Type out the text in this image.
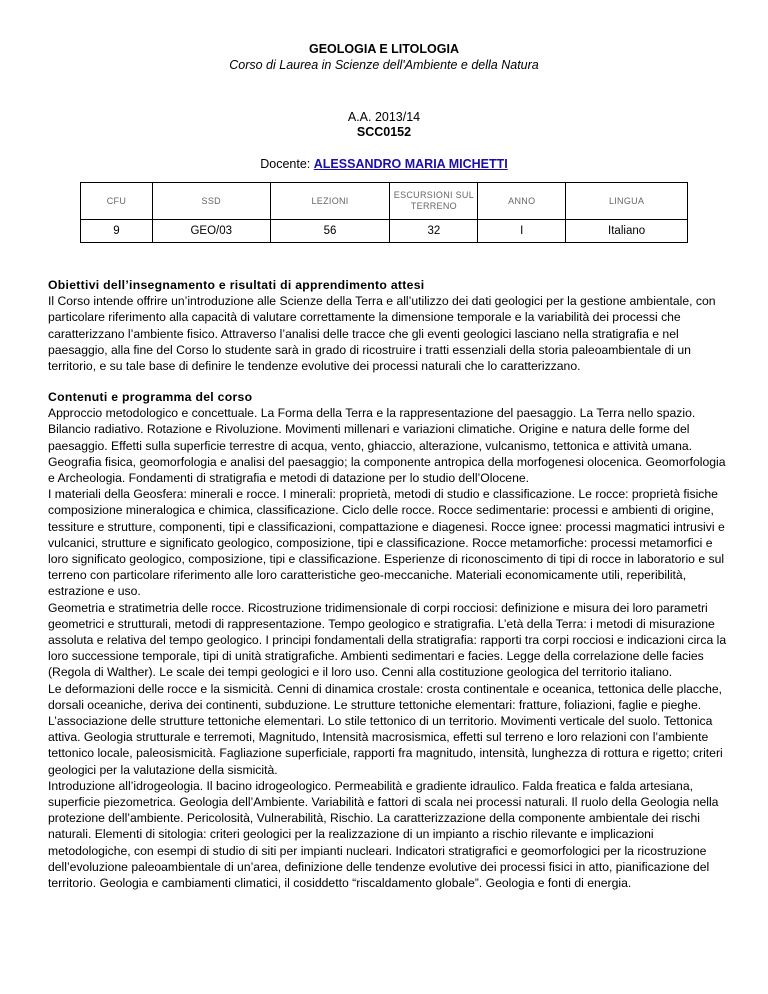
GEOLOGIA E LITOLOGIA
Corso di Laurea in Scienze dell'Ambiente e della Natura
A.A. 2013/14
SCC0152
Docente: ALESSANDRO MARIA MICHETTI
CFU	SSD	LEZIONI	ESCURSIONI SUL TERRENO	ANNO	LINGUA
9	GEO/03	56	32	I	Italiano
Obiettivi dell’insegnamento e risultati di apprendimento attesi

Il Corso intende offrire un’introduzione alle Scienze della Terra e all’utilizzo dei dati geologici per la gestione ambientale, con particolare riferimento alla capacità di valutare correttamente la dimensione temporale e la variabilità dei processi che caratterizzano l’ambiente fisico. Attraverso l’analisi delle tracce che gli eventi geologici lasciano nella stratigrafia e nel paesaggio, alla fine del Corso lo studente sarà in grado di ricostruire i tratti essenziali della storia paleoambientale di un territorio, e su tale base di definire le tendenze evolutive dei processi naturali che lo caratterizzano.

Contenuti e programma del corso

Approccio metodologico e concettuale. La Forma della Terra e la rappresentazione del paesaggio. La Terra nello spazio. Bilancio radiativo. Rotazione e Rivoluzione. Movimenti millenari e variazioni climatiche. Origine e natura delle forme del paesaggio. Effetti sulla superficie terrestre di acqua, vento, ghiaccio, alterazione, vulcanismo, tettonica e attività umana. Geografia fisica, geomorfologia e analisi del paesaggio; la componente antropica della morfogenesi olocenica. Geomorfologia e Archeologia. Fondamenti di stratigrafia e metodi di datazione per lo studio dell’Olocene.

I materiali della Geosfera: minerali e rocce. I minerali: proprietà, metodi di studio e classificazione. Le rocce: proprietà fisiche composizione mineralogica e chimica, classificazione. Ciclo delle rocce. Rocce sedimentarie: processi e ambienti di origine, tessiture e strutture, componenti, tipi e classificazioni, compattazione e diagenesi. Rocce ignee: processi magmatici intrusivi e vulcanici, strutture e significato geologico, composizione, tipi e classificazione. Rocce metamorfiche: processi metamorfici e loro significato geologico, composizione, tipi e classificazione. Esperienze di riconoscimento di tipi di rocce in laboratorio e sul terreno con particolare riferimento alle loro caratteristiche geo-meccaniche. Materiali economicamente utili, reperibilità, estrazione e uso.

Geometria e stratimetria delle rocce. Ricostruzione tridimensionale di corpi rocciosi: definizione e misura dei loro parametri geometrici e strutturali, metodi di rappresentazione. Tempo geologico e stratigrafia. L’età della Terra: i metodi di misurazione assoluta e relativa del tempo geologico. I principi fondamentali della stratigrafia: rapporti tra corpi rocciosi e indicazioni circa la loro successione temporale, tipi di unità stratigrafiche. Ambienti sedimentari e facies. Legge della correlazione delle facies (Regola di Walther). Le scale dei tempi geologici e il loro uso. Cenni alla costituzione geologica del territorio italiano.

Le deformazioni delle rocce e la sismicità. Cenni di dinamica crostale: crosta continentale e oceanica, tettonica delle placche, dorsali oceaniche, deriva dei continenti, subduzione. Le strutture tettoniche elementari: fratture, foliazioni, faglie e pieghe. L’associazione delle strutture tettoniche elementari. Lo stile tettonico di un territorio. Movimenti verticale del suolo. Tettonica attiva. Geologia strutturale e terremoti, Magnitudo, Intensità macrosismica, effetti sul terreno e loro relazioni con l’ambiente tettonico locale, paleosismicità. Fagliazione superficiale, rapporti fra magnitudo, intensità, lunghezza di rottura e rigetto; criteri geologici per la valutazione della sismicità.

Introduzione all’idrogeologia. Il bacino idrogeologico. Permeabilità e gradiente idraulico. Falda freatica e falda artesiana, superficie piezometrica. Geologia dell’Ambiente. Variabilità e fattori di scala nei processi naturali. Il ruolo della Geologia nella protezione dell’ambiente. Pericolosità, Vulnerabilità, Rischio. La caratterizzazione della componente ambientale dei rischi naturali. Elementi di sitologia: criteri geologici per la realizzazione di un impianto a rischio rilevante e implicazioni metodologiche, con esempi di studio di siti per impianti nucleari. Indicatori stratigrafici e geomorfologici per la ricostruzione dell’evoluzione paleoambientale di un’area, definizione delle tendenze evolutive dei processi fisici in atto, pianificazione del territorio. Geologia e cambiamenti climatici, il cosiddetto “riscaldamento globale”. Geologia e fonti di energia.
